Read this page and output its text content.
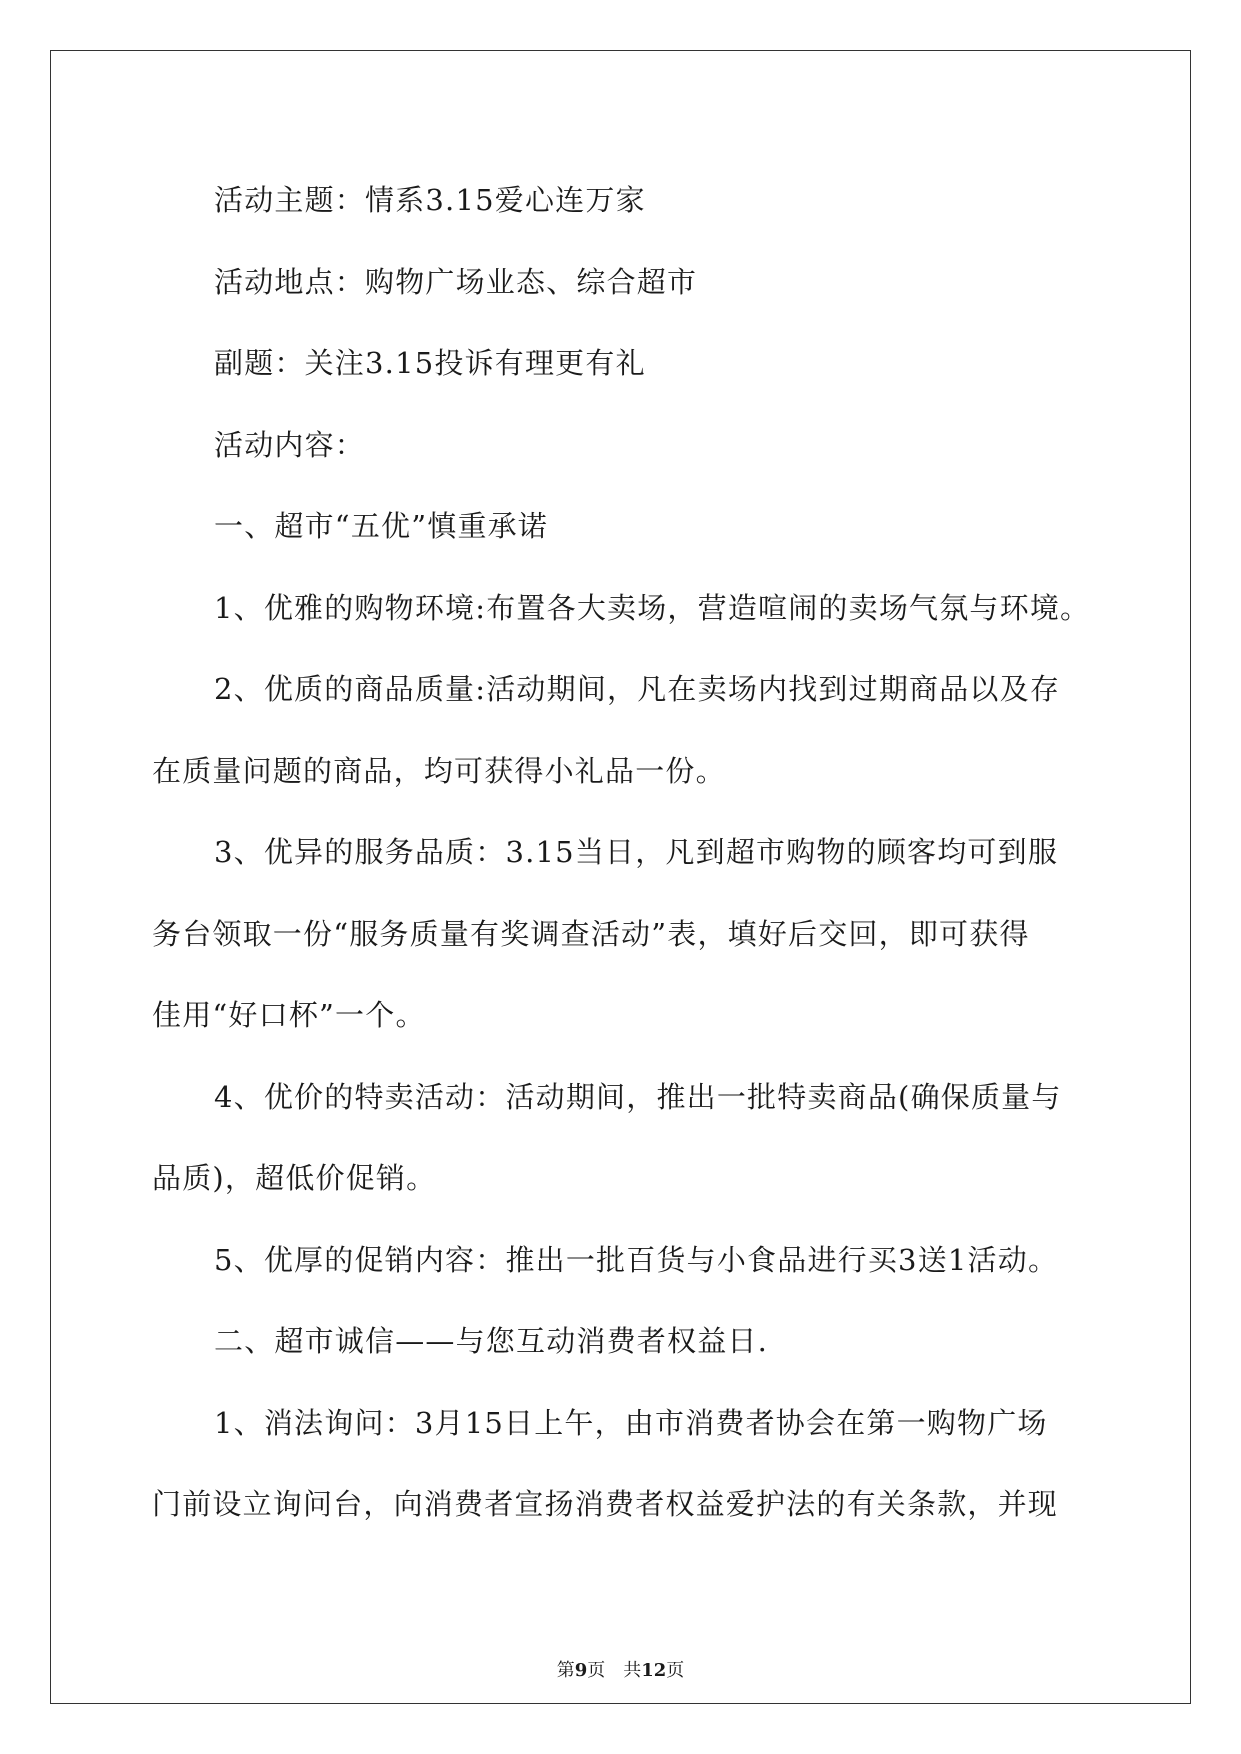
活动主题：情系3.15爱心连万家

活动地点：购物广场业态、综合超市

副题：关注3.15投诉有理更有礼

活动内容：

一、超市“五优”慎重承诺

1、优雅的购物环境:布置各大卖场，营造喧闹的卖场气氛与环境。

2、优质的商品质量:活动期间，凡在卖场内找到过期商品以及存

在质量问题的商品，均可获得小礼品一份。

3、优异的服务品质：3.15当日，凡到超市购物的顾客均可到服

务台领取一份“服务质量有奖调查活动”表，填好后交回，即可获得

佳用“好口杯”一个。

4、优价的特卖活动：活动期间，推出一批特卖商品(确保质量与

品质)，超低价促销。

5、优厚的促销内容：推出一批百货与小食品进行买3送1活动。

二、超市诚信——与您互动消费者权益日.

1、消法询问：3月15日上午，由市消费者协会在第一购物广场

门前设立询问台，向消费者宣扬消费者权益爱护法的有关条款，并现

第9页 共12页
